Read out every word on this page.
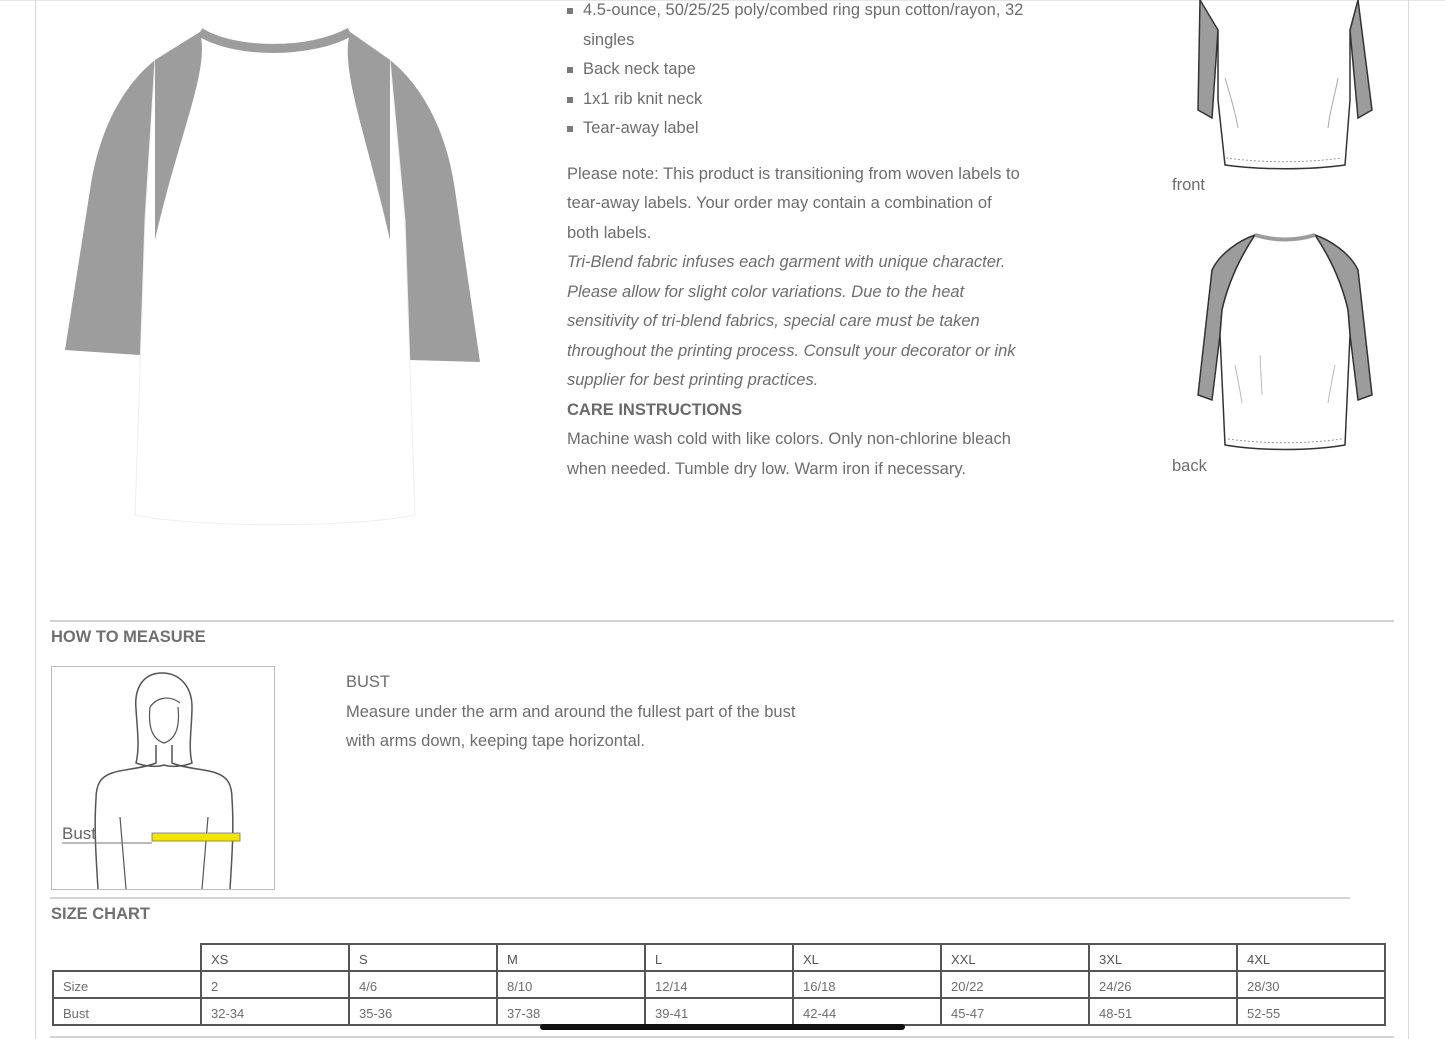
4.5-ounce, 50/25/25 poly/combed ring spun cotton/rayon, 32 singles
Back neck tape
1x1 rib knit neck
Tear-away label

Please note: This product is transitioning from woven labels to tear-away labels. Your order may contain a combination of both labels.

Tri-Blend fabric infuses each garment with unique character. Please allow for slight color variations. Due to the heat sensitivity of tri-blend fabrics, special care must be taken throughout the printing process. Consult your decorator or ink supplier for best printing practices.

CARE INSTRUCTIONS

Machine wash cold with like colors. Only non-chlorine bleach when needed. Tumble dry low. Warm iron if necessary.

front
back
HOW TO MEASURE
Bust

BUST

Measure under the arm and around the fullest part of the bust with arms down, keeping tape horizontal.

SIZE CHART
	XS	S	M	L	XL	XXL	3XL	4XL
Size	2	4/6	8/10	12/14	16/18	20/22	24/26	28/30
Bust	32-34	35-36	37-38	39-41	42-44	45-47	48-51	52-55
